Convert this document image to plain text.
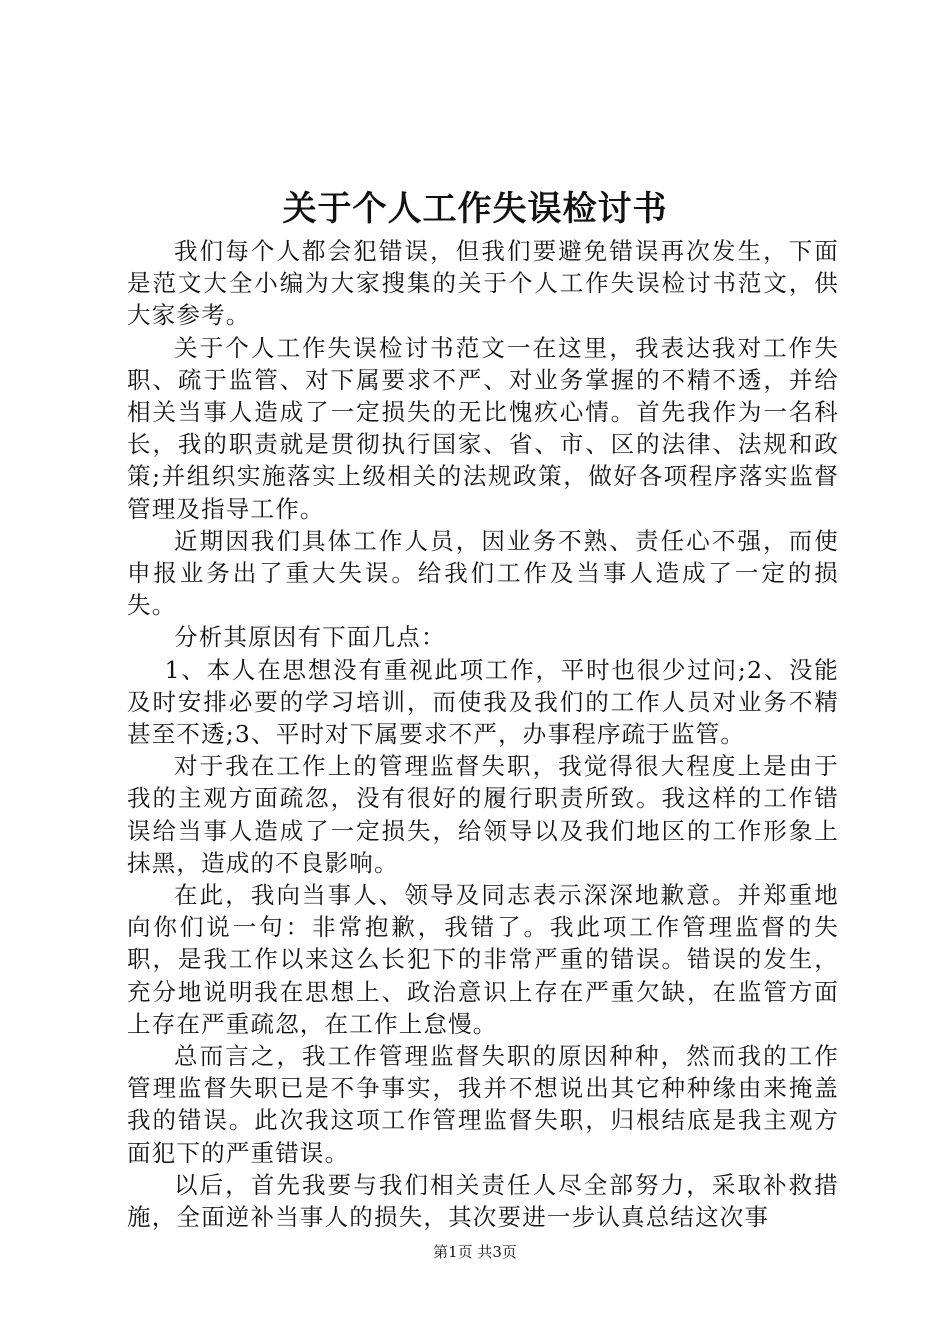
关于个人工作失误检讨书

我们每个人都会犯错误，但我们要避免错误再次发生，下面是范文大全小编为大家搜集的关于个人工作失误检讨书范文，供大家参考。

关于个人工作失误检讨书范文一在这里，我表达我对工作失职、疏于监管、对下属要求不严、对业务掌握的不精不透，并给相关当事人造成了一定损失的无比愧疚心情。首先我作为一名科长，我的职责就是贯彻执行国家、省、市、区的法律、法规和政策;并组织实施落实上级相关的法规政策，做好各项程序落实监督管理及指导工作。

近期因我们具体工作人员，因业务不熟、责任心不强，而使申报业务出了重大失误。给我们工作及当事人造成了一定的损失。

分析其原因有下面几点：

1、本人在思想没有重视此项工作，平时也很少过问;2、没能及时安排必要的学习培训，而使我及我们的工作人员对业务不精甚至不透;3、平时对下属要求不严，办事程序疏于监管。

对于我在工作上的管理监督失职，我觉得很大程度上是由于我的主观方面疏忽，没有很好的履行职责所致。我这样的工作错误给当事人造成了一定损失，给领导以及我们地区的工作形象上抹黑，造成的不良影响。

在此，我向当事人、领导及同志表示深深地歉意。并郑重地向你们说一句：非常抱歉，我错了。我此项工作管理监督的失职，是我工作以来这么长犯下的非常严重的错误。错误的发生，充分地说明我在思想上、政治意识上存在严重欠缺，在监管方面上存在严重疏忽，在工作上怠慢。

总而言之，我工作管理监督失职的原因种种，然而我的工作管理监督失职已是不争事实，我并不想说出其它种种缘由来掩盖我的错误。此次我这项工作管理监督失职，归根结底是我主观方面犯下的严重错误。

以后，首先我要与我们相关责任人尽全部努力，采取补救措施，全面逆补当事人的损失，其次要进一步认真总结这次事

第1页 共3页
